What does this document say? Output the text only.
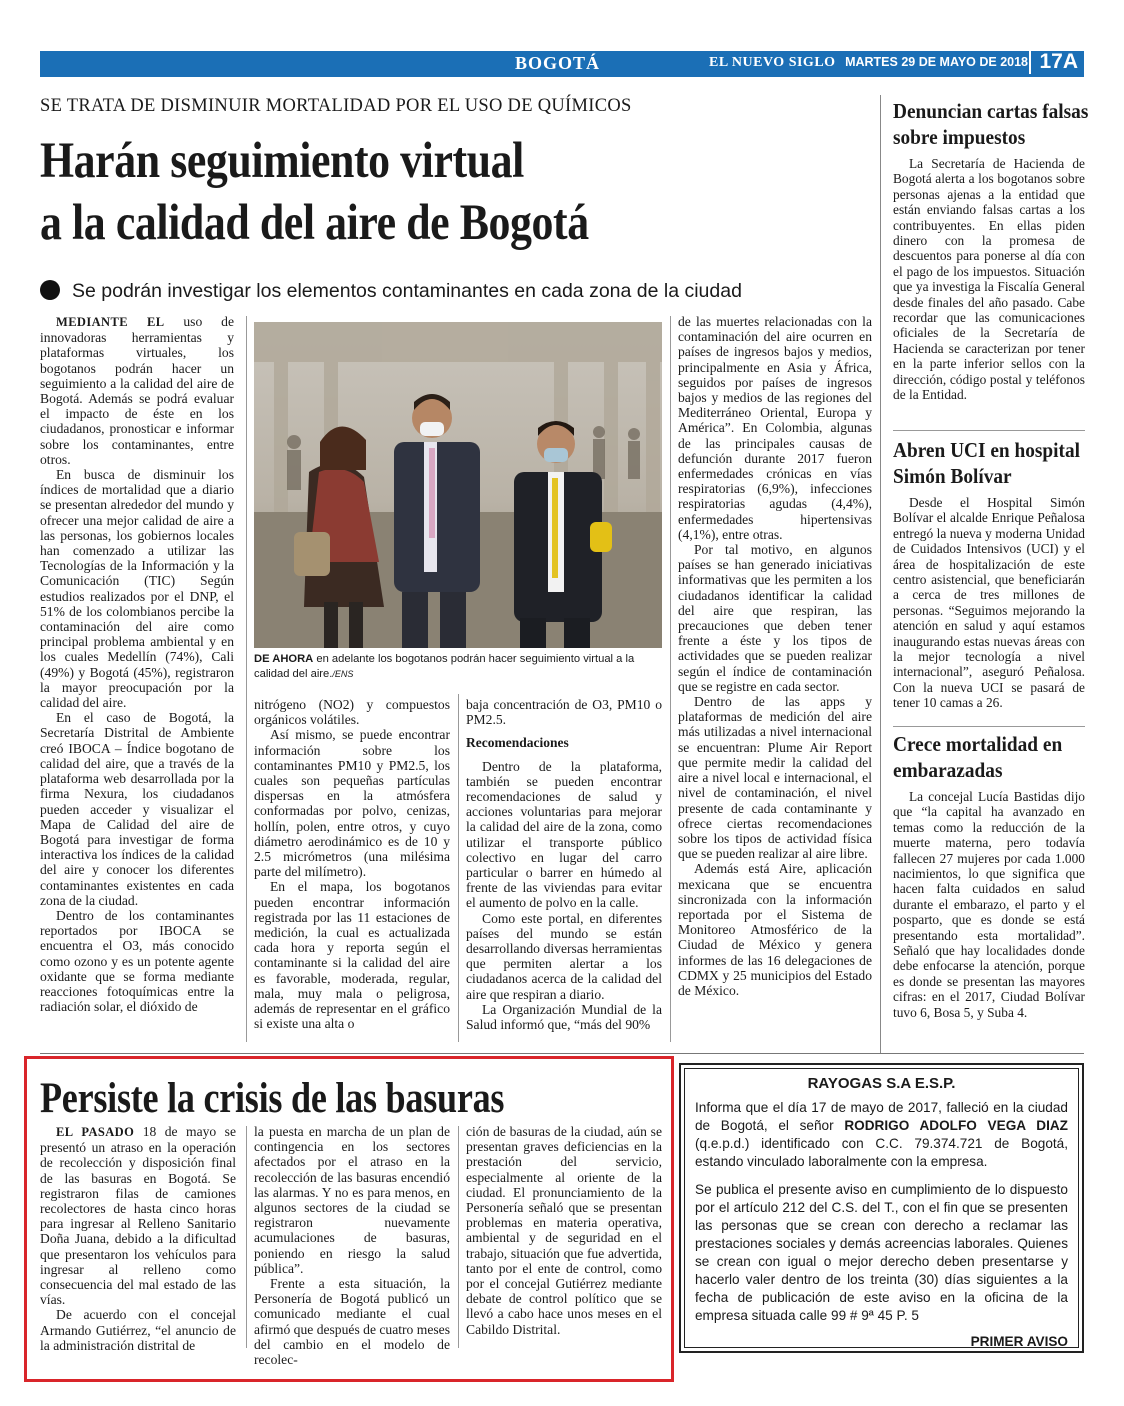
BOGOTÁ	EL NUEVO SIGLO MARTES 29 DE MAYO DE 2018 17A
SE TRATA DE DISMINUIR MORTALIDAD POR EL USO DE QUÍMICOS
Harán seguimiento virtual
a la calidad del aire de Bogotá
Se podrán investigar los elementos contaminantes en cada zona de la ciudad

MEDIANTE EL uso de innovadoras herramientas y plataformas virtuales, los bogotanos podrán hacer un seguimiento a la calidad del aire de Bogotá. Además se podrá evaluar el impacto de éste en los ciudadanos, pronosticar e informar sobre los contaminantes, entre otros.

En busca de disminuir los índices de mortalidad que a diario se presentan alrededor del mundo y ofrecer una mejor calidad de aire a las personas, los gobiernos locales han comenzado a utilizar las Tecnologías de la Información y la Comunicación (TIC) Según estudios realizados por el DNP, el 51% de los colombianos percibe la contaminación del aire como principal problema ambiental y en los cuales Medellín (74%), Cali (49%) y Bogotá (45%), registraron la mayor preocupación por la calidad del aire.

En el caso de Bogotá, la Secretaría Distrital de Ambiente creó IBOCA – Índice bogotano de calidad del aire, que a través de la plataforma web desarrollada por la firma Nexura, los ciudadanos pueden acceder y visualizar el Mapa de Calidad del aire de Bogotá para investigar de forma interactiva los índices de la calidad del aire y conocer los diferentes contaminantes existentes en cada zona de la ciudad.

Dentro de los contaminantes reportados por IBOCA se encuentra el O3, más conocido como ozono y es un potente agente oxidante que se forma mediante reacciones fotoquímicas entre la radiación solar, el dióxido de

DE AHORA en adelante los bogotanos podrán hacer seguimiento virtual a la calidad del aire./ENS

nitrógeno (NO2) y compuestos orgánicos volátiles.

Así mismo, se puede encontrar información sobre los contaminantes PM10 y PM2.5, los cuales son pequeñas partículas dispersas en la atmósfera conformadas por polvo, cenizas, hollín, polen, entre otros, y cuyo diámetro aerodinámico es de 10 y 2.5 micrómetros (una milésima parte del milímetro).

En el mapa, los bogotanos pueden encontrar información registrada por las 11 estaciones de medición, la cual es actualizada cada hora y reporta según el contaminante si la calidad del aire es favorable, moderada, regular, mala, muy mala o peligrosa, además de representar en el gráfico si existe una alta o

baja concentración de O3, PM10 o PM2.5.

Recomendaciones

Dentro de la plataforma, también se pueden encontrar recomendaciones de salud y acciones voluntarias para mejorar la calidad del aire de la zona, como utilizar el transporte público colectivo en lugar del carro particular o barrer en húmedo al frente de las viviendas para evitar el aumento de polvo en la calle.

Como este portal, en diferentes países del mundo se están desarrollando diversas herramientas que permiten alertar a los ciudadanos acerca de la calidad del aire que respiran a diario.

La Organización Mundial de la Salud informó que, “más del 90%

de las muertes relacionadas con la contaminación del aire ocurren en países de ingresos bajos y medios, principalmente en Asia y África, seguidos por países de ingresos bajos y medios de las regiones del Mediterráneo Oriental, Europa y América”. En Colombia, algunas de las principales causas de defunción durante 2017 fueron enfermedades crónicas en vías respiratorias (6,9%), infecciones respiratorias agudas (4,4%), enfermedades hipertensivas (4,1%), entre otras.

Por tal motivo, en algunos países se han generado iniciativas informativas que les permiten a los ciudadanos identificar la calidad del aire que respiran, las precauciones que deben tener frente a éste y los tipos de actividades que se pueden realizar según el índice de contaminación que se registre en cada sector.

Dentro de las apps y plataformas de medición del aire más utilizadas a nivel internacional se encuentran: Plume Air Report que permite medir la calidad del aire a nivel local e internacional, el nivel de contaminación, el nivel presente de cada contaminante y ofrece ciertas recomendaciones sobre los tipos de actividad física que se pueden realizar al aire libre.

Además está Aire, aplicación mexicana que se encuentra sincronizada con la información reportada por el Sistema de Monitoreo Atmosférico de la Ciudad de México y genera informes de las 16 delegaciones de CDMX y 25 municipios del Estado de México.

Denuncian cartas falsas sobre impuestos

La Secretaría de Hacienda de Bogotá alerta a los bogotanos sobre personas ajenas a la entidad que están enviando falsas cartas a los contribuyentes. En ellas piden dinero con la promesa de descuentos para ponerse al día con el pago de los impuestos. Situación que ya investiga la Fiscalía General desde finales del año pasado. Cabe recordar que las comunicaciones oficiales de la Secretaría de Hacienda se caracterizan por tener en la parte inferior sellos con la dirección, código postal y teléfonos de la Entidad.

Abren UCI en hospital Simón Bolívar

Desde el Hospital Simón Bolívar el alcalde Enrique Peñalosa entregó la nueva y moderna Unidad de Cuidados Intensivos (UCI) y el área de hospitalización de este centro asistencial, que beneficiarán a cerca de tres millones de personas. “Seguimos mejorando la atención en salud y aquí estamos inaugurando estas nuevas áreas con la mejor tecnología a nivel internacional”, aseguró Peñalosa. Con la nueva UCI se pasará de tener 10 camas a 26.

Crece mortalidad en embarazadas

La concejal Lucía Bastidas dijo que “la capital ha avanzado en temas como la reducción de la muerte materna, pero todavía fallecen 27 mujeres por cada 1.000 nacimientos, lo que significa que hacen falta cuidados en salud durante el embarazo, el parto y el posparto, que es donde se está presentando esta mortalidad”. Señaló que hay localidades donde debe enfocarse la atención, porque es donde se presentan las mayores cifras: en el 2017, Ciudad Bolívar tuvo 6, Bosa 5, y Suba 4.

Persiste la crisis de las basuras

EL PASADO 18 de mayo se presentó un atraso en la operación de recolección y disposición final de las basuras en Bogotá. Se registraron filas de camiones recolectores de hasta cinco horas para ingresar al Relleno Sanitario Doña Juana, debido a la dificultad que presentaron los vehículos para ingresar al relleno como consecuencia del mal estado de las vías.

De acuerdo con el concejal Armando Gutiérrez, “el anuncio de la administración distrital de

la puesta en marcha de un plan de contingencia en los sectores afectados por el atraso en la recolección de las basuras encendió las alarmas. Y no es para menos, en algunos sectores de la ciudad se registraron nuevamente acumulaciones de basuras, poniendo en riesgo la salud pública”.

Frente a esta situación, la Personería de Bogotá publicó un comunicado mediante el cual afirmó que después de cuatro meses del cambio en el modelo de recolec-

ción de basuras de la ciudad, aún se presentan graves deficiencias en la prestación del servicio, especialmente al oriente de la ciudad. El pronunciamiento de la Personería señaló que se presentan problemas en materia operativa, ambiental y de seguridad en el trabajo, situación que fue advertida, tanto por el ente de control, como por el concejal Gutiérrez mediante debate de control político que se llevó a cabo hace unos meses en el Cabildo Distrital.

RAYOGAS S.A E.S.P.

Informa que el día 17 de mayo de 2017, falleció en la ciudad de Bogotá, el señor RODRIGO ADOLFO VEGA DIAZ (q.e.p.d.) identificado con C.C. 79.374.721 de Bogotá, estando vinculado laboralmente con la empresa.

Se publica el presente aviso en cumplimiento de lo dispuesto por el artículo 212 del C.S. del T., con el fin que se presenten las personas que se crean con derecho a reclamar las prestaciones sociales y demás acreencias laborales. Quienes se crean con igual o mejor derecho deben presentarse y hacerlo valer dentro de los treinta (30) días siguientes a la fecha de publicación de este aviso en la oficina de la empresa situada calle 99 # 9ª 45 P. 5

PRIMER AVISO
